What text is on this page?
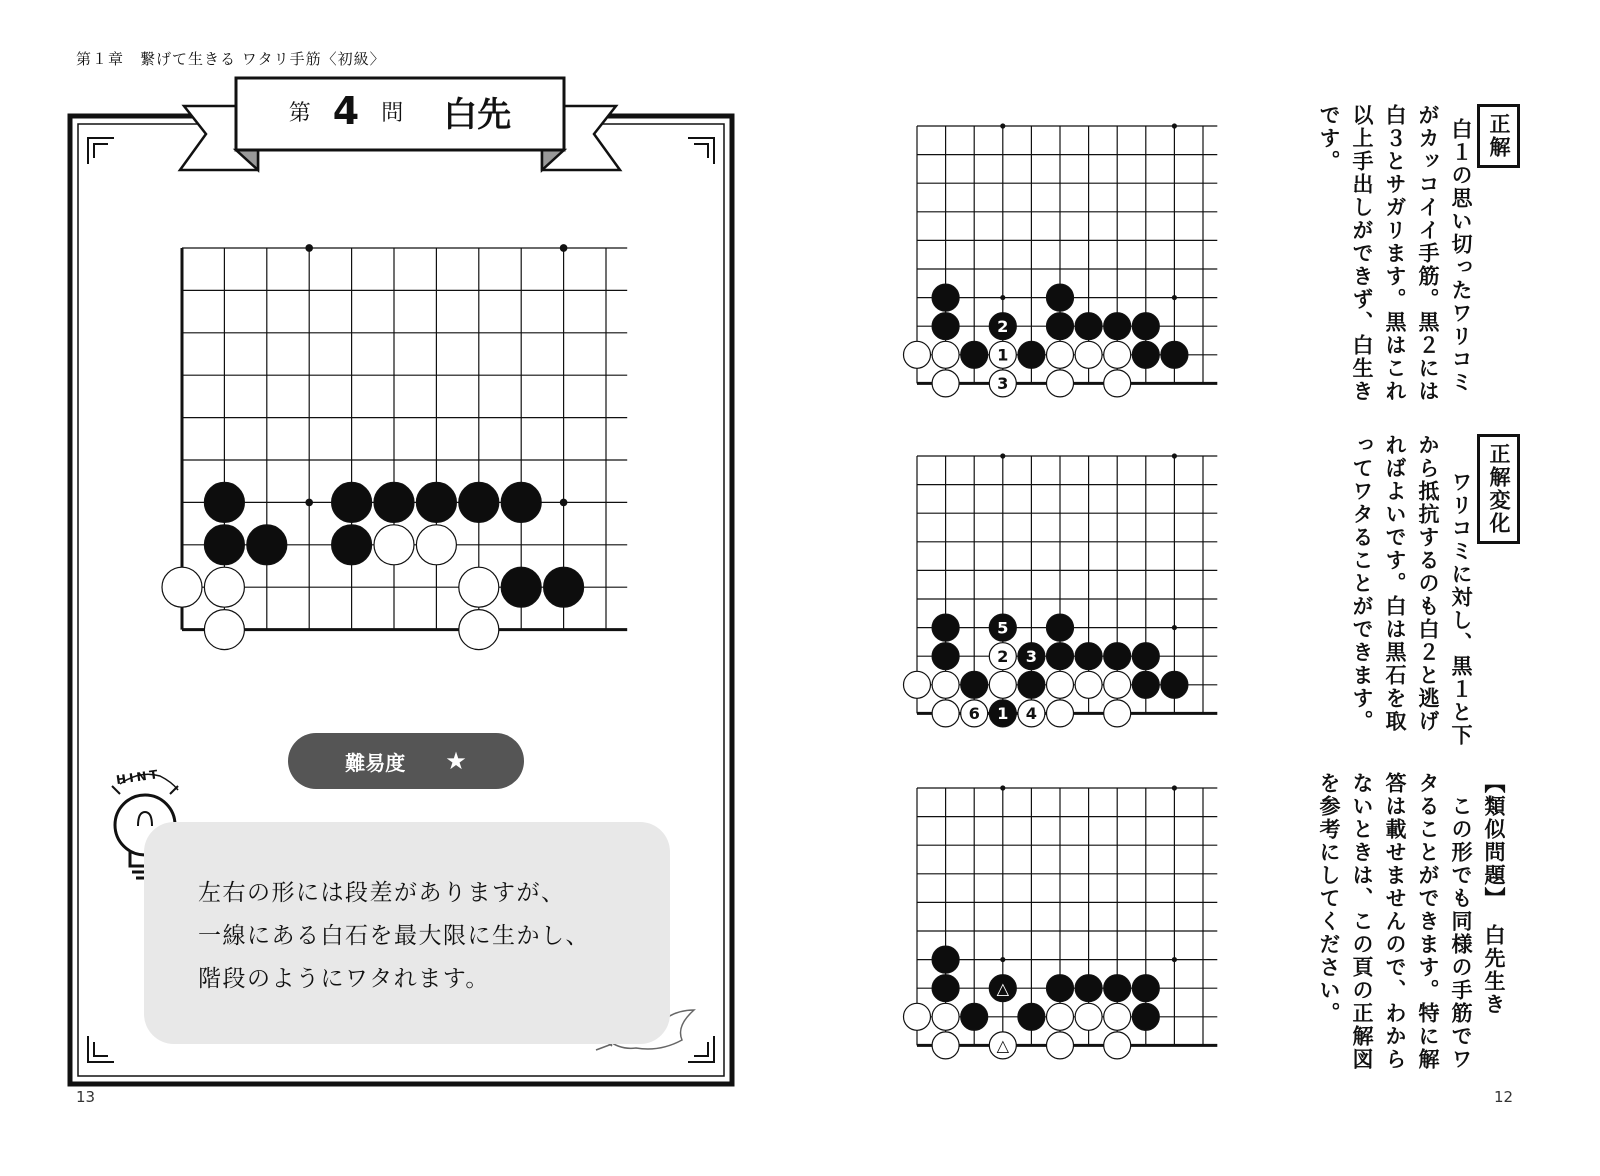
第１章　繋げて生きる ワタリ手筋〈初級〉
13	12
HINT
第 4 問 白先
難易度 ★
左右の形には段差がありますが、
一線にある白石を最大限に生かし、
階段のようにワタれます。
2
1
3
5
2 3
1
6	4
△
△
正解
白１の思い切ったワリコミ
がカッコイイ手筋。黒２には
白３とサガリます。黒はこれ
以上手出しができず、白生き
です。
正解変化
　ワリコミに対し、黒１と下
から抵抗するのも白２と逃げ
ればよいです。白は黒石を取
ってワタることができます。
【類似問題】白先生き
　この形でも同様の手筋でワ
タることができます。特に解
答は載せませんので、わから
ないときは、この頁の正解図
を参考にしてください。
